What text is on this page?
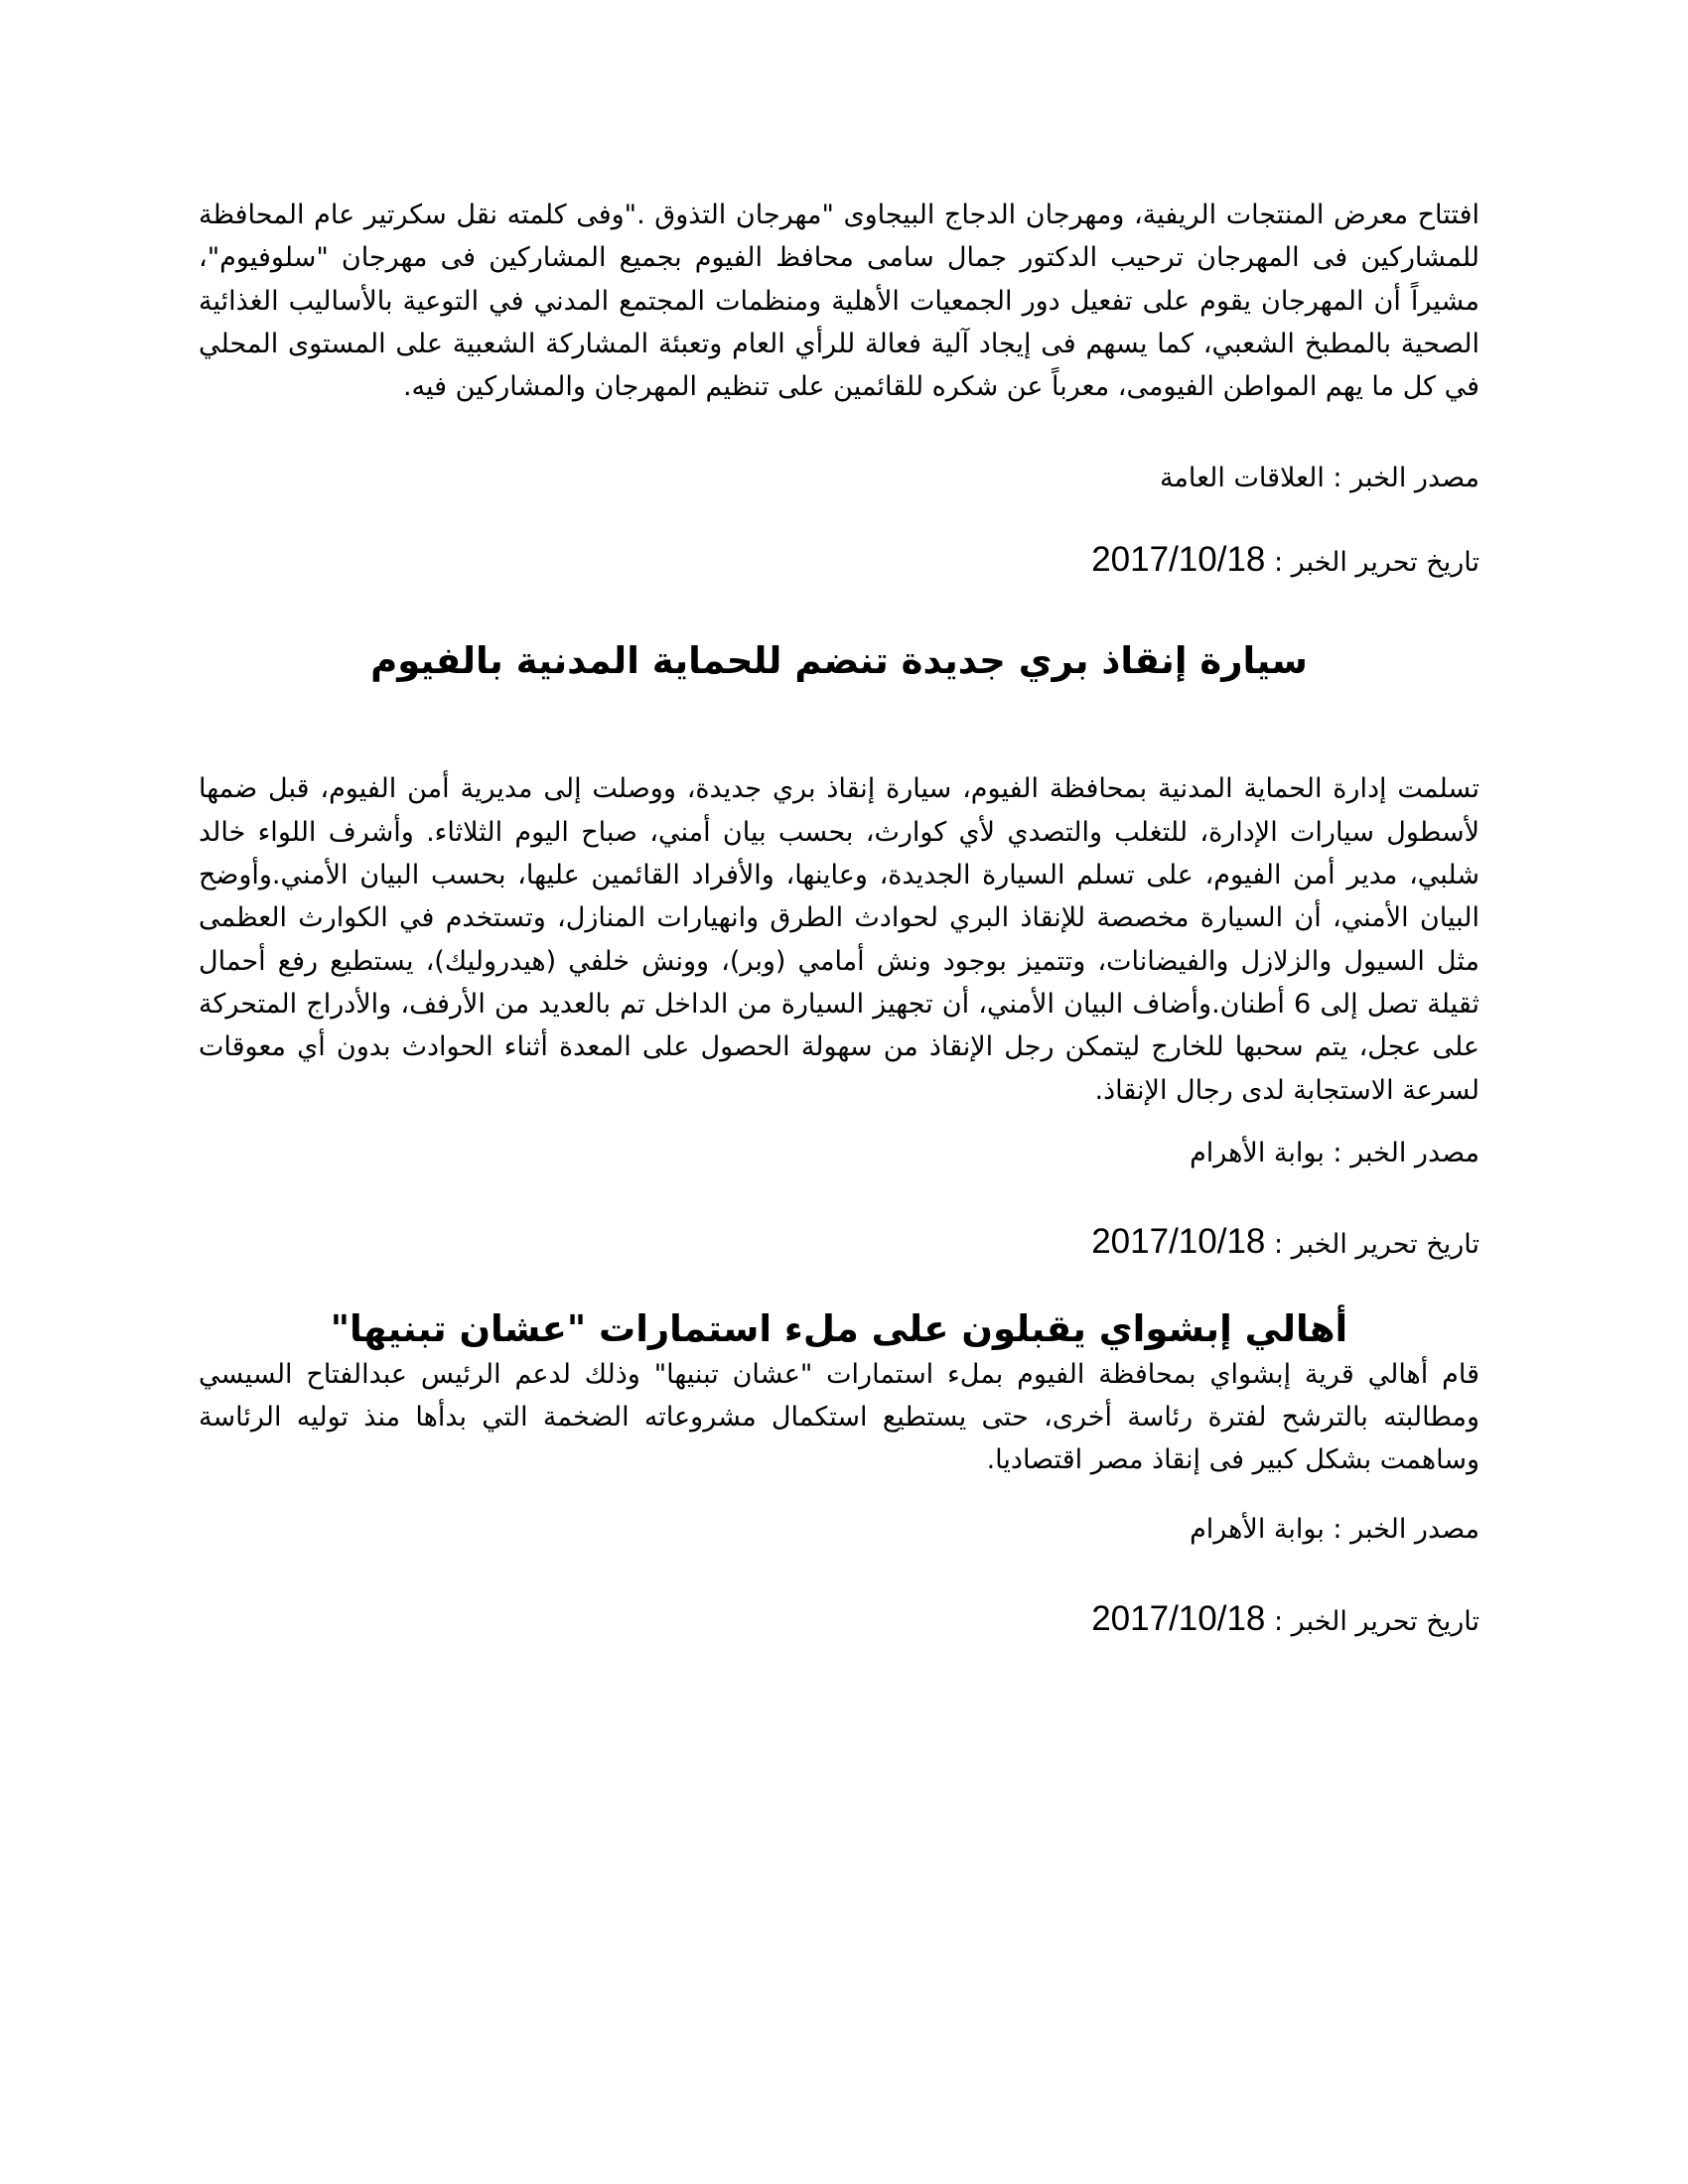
افتتاح معرض المنتجات الريفية، ومهرجان الدجاج البيجاوى "مهرجان التذوق ."وفى كلمته نقل سكرتير عام المحافظة للمشاركين فى المهرجان ترحيب الدكتور جمال سامى محافظ الفيوم بجميع المشاركين فى مهرجان "سلوفيوم"، مشيراً أن المهرجان يقوم على تفعيل دور الجمعيات الأهلية ومنظمات المجتمع المدني في التوعية بالأساليب الغذائية الصحية بالمطبخ الشعبي، كما يسهم فى إيجاد آلية فعالة للرأي العام وتعبئة المشاركة الشعبية على المستوى المحلي في كل ما يهم المواطن الفيومى، معرباً عن شكره للقائمين على تنظيم المهرجان والمشاركين فيه.

مصدر الخبر : العلاقات العامة

تاريخ تحرير الخبر : 2017/10/18

سيارة إنقاذ بري جديدة تنضم للحماية المدنية بالفيوم

تسلمت إدارة الحماية المدنية بمحافظة الفيوم، سيارة إنقاذ بري جديدة، ووصلت إلى مديرية أمن الفيوم، قبل ضمها لأسطول سيارات الإدارة، للتغلب والتصدي لأي كوارث، بحسب بيان أمني، صباح اليوم الثلاثاء. وأشرف اللواء خالد شلبي، مدير أمن الفيوم، على تسلم السيارة الجديدة، وعاينها، والأفراد القائمين عليها، بحسب البيان الأمني.وأوضح البيان الأمني، أن السيارة مخصصة للإنقاذ البري لحوادث الطرق وانهيارات المنازل، وتستخدم في الكوارث العظمى مثل السيول والزلازل والفيضانات، وتتميز بوجود ونش أمامي (وبر)، وونش خلفي (هيدروليك)، يستطيع رفع أحمال ثقيلة تصل إلى 6 أطنان.وأضاف البيان الأمني، أن تجهيز السيارة من الداخل تم بالعديد من الأرفف، والأدراج المتحركة على عجل، يتم سحبها للخارج ليتمكن رجل الإنقاذ من سهولة الحصول على المعدة أثناء الحوادث بدون أي معوقات لسرعة الاستجابة لدى رجال الإنقاذ.

مصدر الخبر : بوابة الأهرام

تاريخ تحرير الخبر : 2017/10/18

أهالي إبشواي يقبلون على ملء استمارات "عشان تبنيها"

قام أهالي قرية إبشواي بمحافظة الفيوم بملء استمارات "عشان تبنيها" وذلك لدعم الرئيس عبدالفتاح السيسي ومطالبته بالترشح لفترة رئاسة أخرى، حتى يستطيع استكمال مشروعاته الضخمة التي بدأها منذ توليه الرئاسة وساهمت بشكل كبير فى إنقاذ مصر اقتصاديا.

مصدر الخبر : بوابة الأهرام

تاريخ تحرير الخبر : 2017/10/18
